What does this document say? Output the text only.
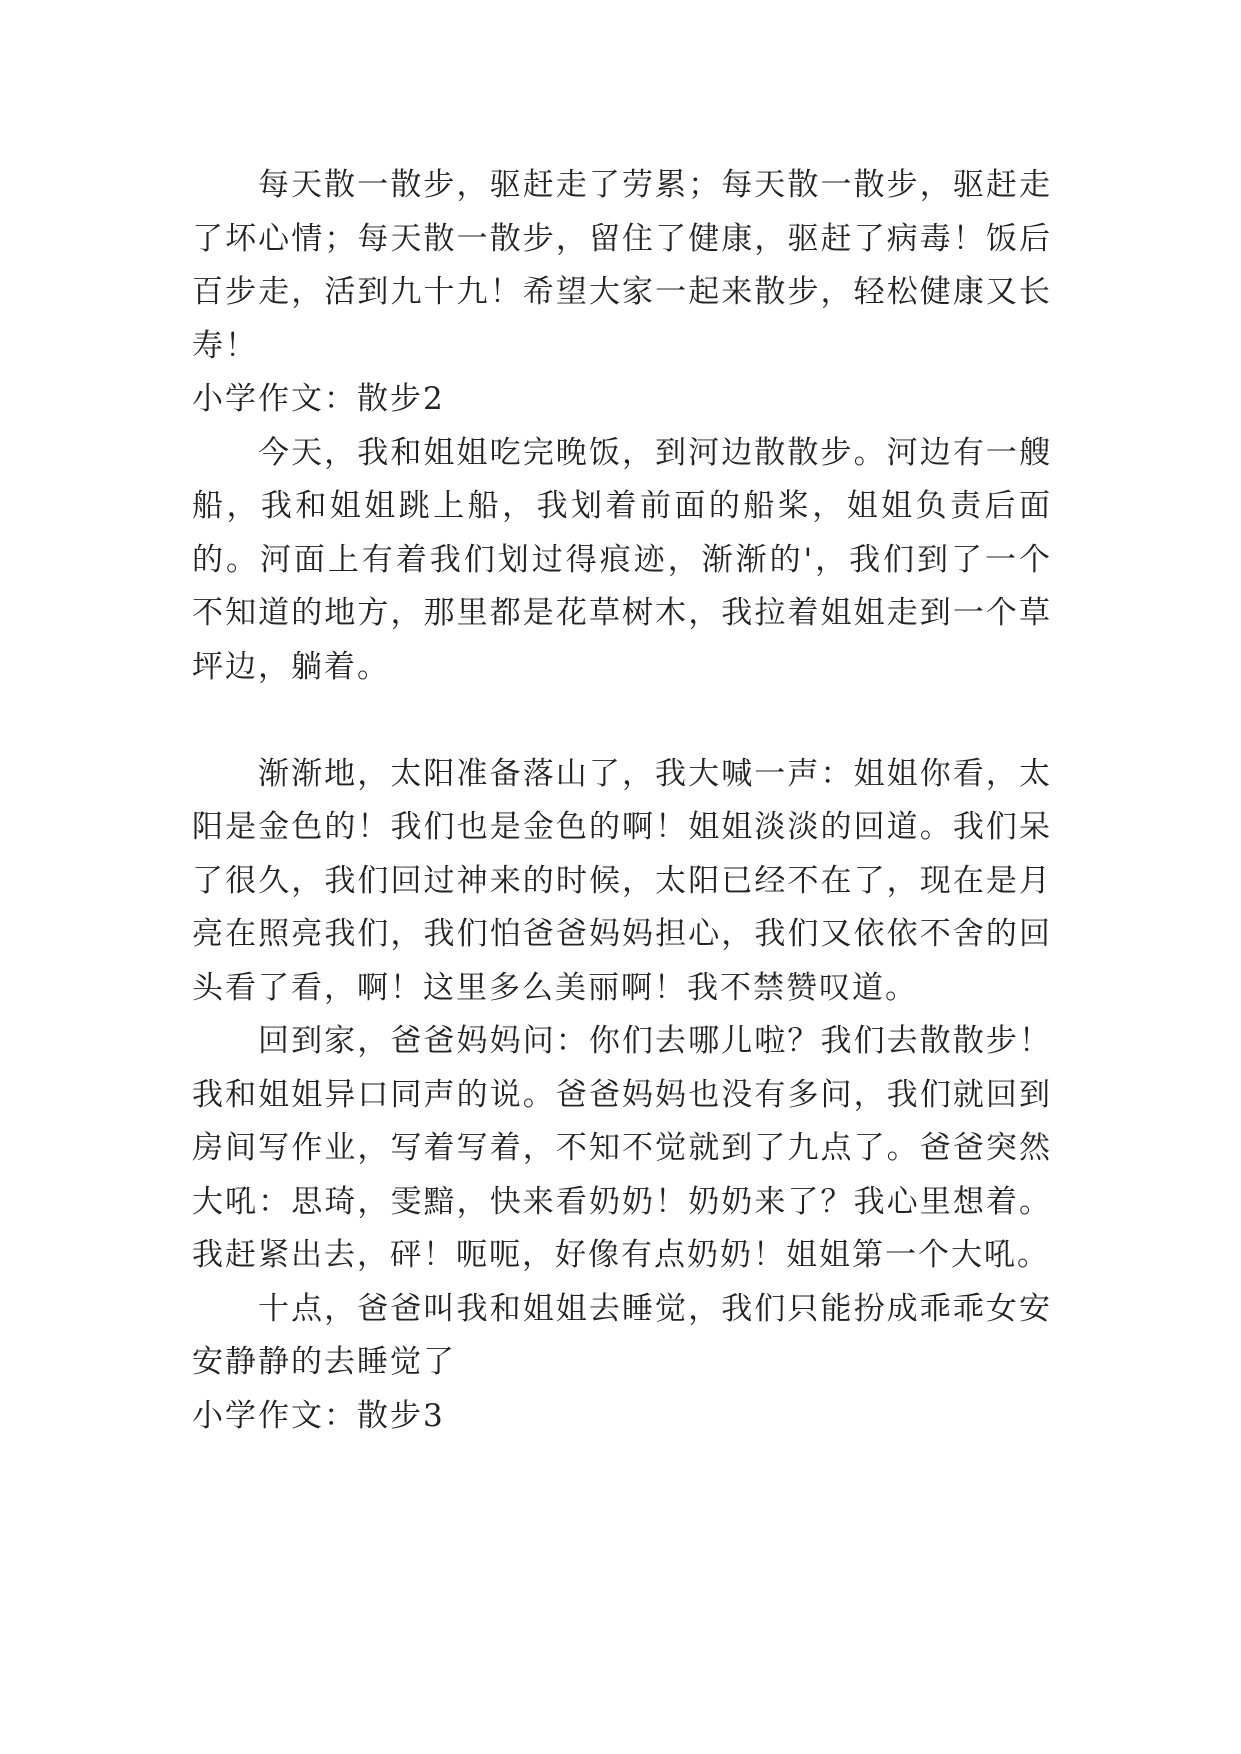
每天散一散步，驱赶走了劳累；每天散一散步，驱赶走了坏心情；每天散一散步，留住了健康，驱赶了病毒！饭后百步走，活到九十九！希望大家一起来散步，轻松健康又长寿！

小学作文：散步2

今天，我和姐姐吃完晚饭，到河边散散步。河边有一艘船，我和姐姐跳上船，我划着前面的船桨，姐姐负责后面的。河面上有着我们划过得痕迹，渐渐的'，我们到了一个不知道的地方，那里都是花草树木，我拉着姐姐走到一个草坪边，躺着。

渐渐地，太阳准备落山了，我大喊一声：姐姐你看，太阳是金色的！我们也是金色的啊！姐姐淡淡的回道。我们呆了很久，我们回过神来的时候，太阳已经不在了，现在是月亮在照亮我们，我们怕爸爸妈妈担心，我们又依依不舍的回头看了看，啊！这里多么美丽啊！我不禁赞叹道。

回到家，爸爸妈妈问：你们去哪儿啦？我们去散散步！我和姐姐异口同声的说。爸爸妈妈也没有多问，我们就回到房间写作业，写着写着，不知不觉就到了九点了。爸爸突然大吼：思琦，雯黯，快来看奶奶！奶奶来了？我心里想着。我赶紧出去，砰！呃呃，好像有点奶奶！姐姐第一个大吼。

十点，爸爸叫我和姐姐去睡觉，我们只能扮成乖乖女安安静静的去睡觉了

小学作文：散步3
